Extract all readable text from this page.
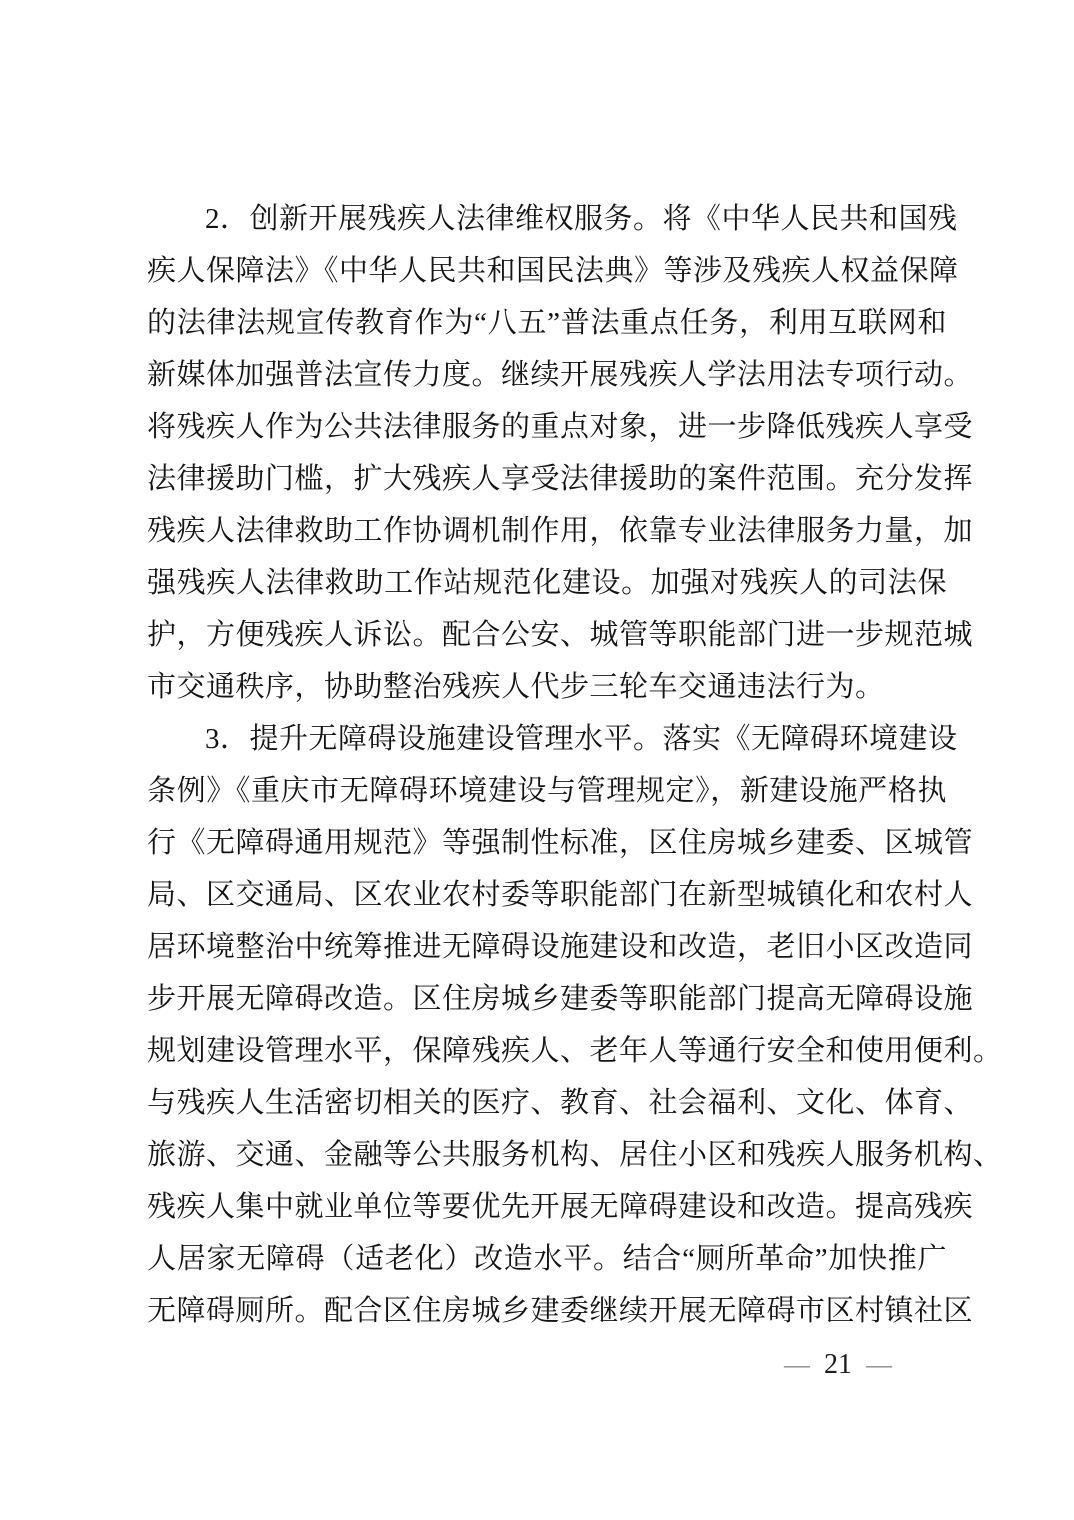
2．创新开展残疾人法律维权服务。将《中华人民共和国残
疾人保障法》《中华人民共和国民法典》等涉及残疾人权益保障
的法律法规宣传教育作为“八五”普法重点任务，利用互联网和
新媒体加强普法宣传力度。继续开展残疾人学法用法专项行动。
将残疾人作为公共法律服务的重点对象，进一步降低残疾人享受
法律援助门槛，扩大残疾人享受法律援助的案件范围。充分发挥
残疾人法律救助工作协调机制作用，依靠专业法律服务力量，加
强残疾人法律救助工作站规范化建设。加强对残疾人的司法保
护，方便残疾人诉讼。配合公安、城管等职能部门进一步规范城
市交通秩序，协助整治残疾人代步三轮车交通违法行为。
3．提升无障碍设施建设管理水平。落实《无障碍环境建设
条例》《重庆市无障碍环境建设与管理规定》，新建设施严格执
行《无障碍通用规范》等强制性标准，区住房城乡建委、区城管
局、区交通局、区农业农村委等职能部门在新型城镇化和农村人
居环境整治中统筹推进无障碍设施建设和改造，老旧小区改造同
步开展无障碍改造。区住房城乡建委等职能部门提高无障碍设施
规划建设管理水平，保障残疾人、老年人等通行安全和使用便利。
与残疾人生活密切相关的医疗、教育、社会福利、文化、体育、
旅游、交通、金融等公共服务机构、居住小区和残疾人服务机构、
残疾人集中就业单位等要优先开展无障碍建设和改造。提高残疾
人居家无障碍（适老化）改造水平。结合“厕所革命”加快推广
无障碍厕所。配合区住房城乡建委继续开展无障碍市区村镇社区
— 21 —
